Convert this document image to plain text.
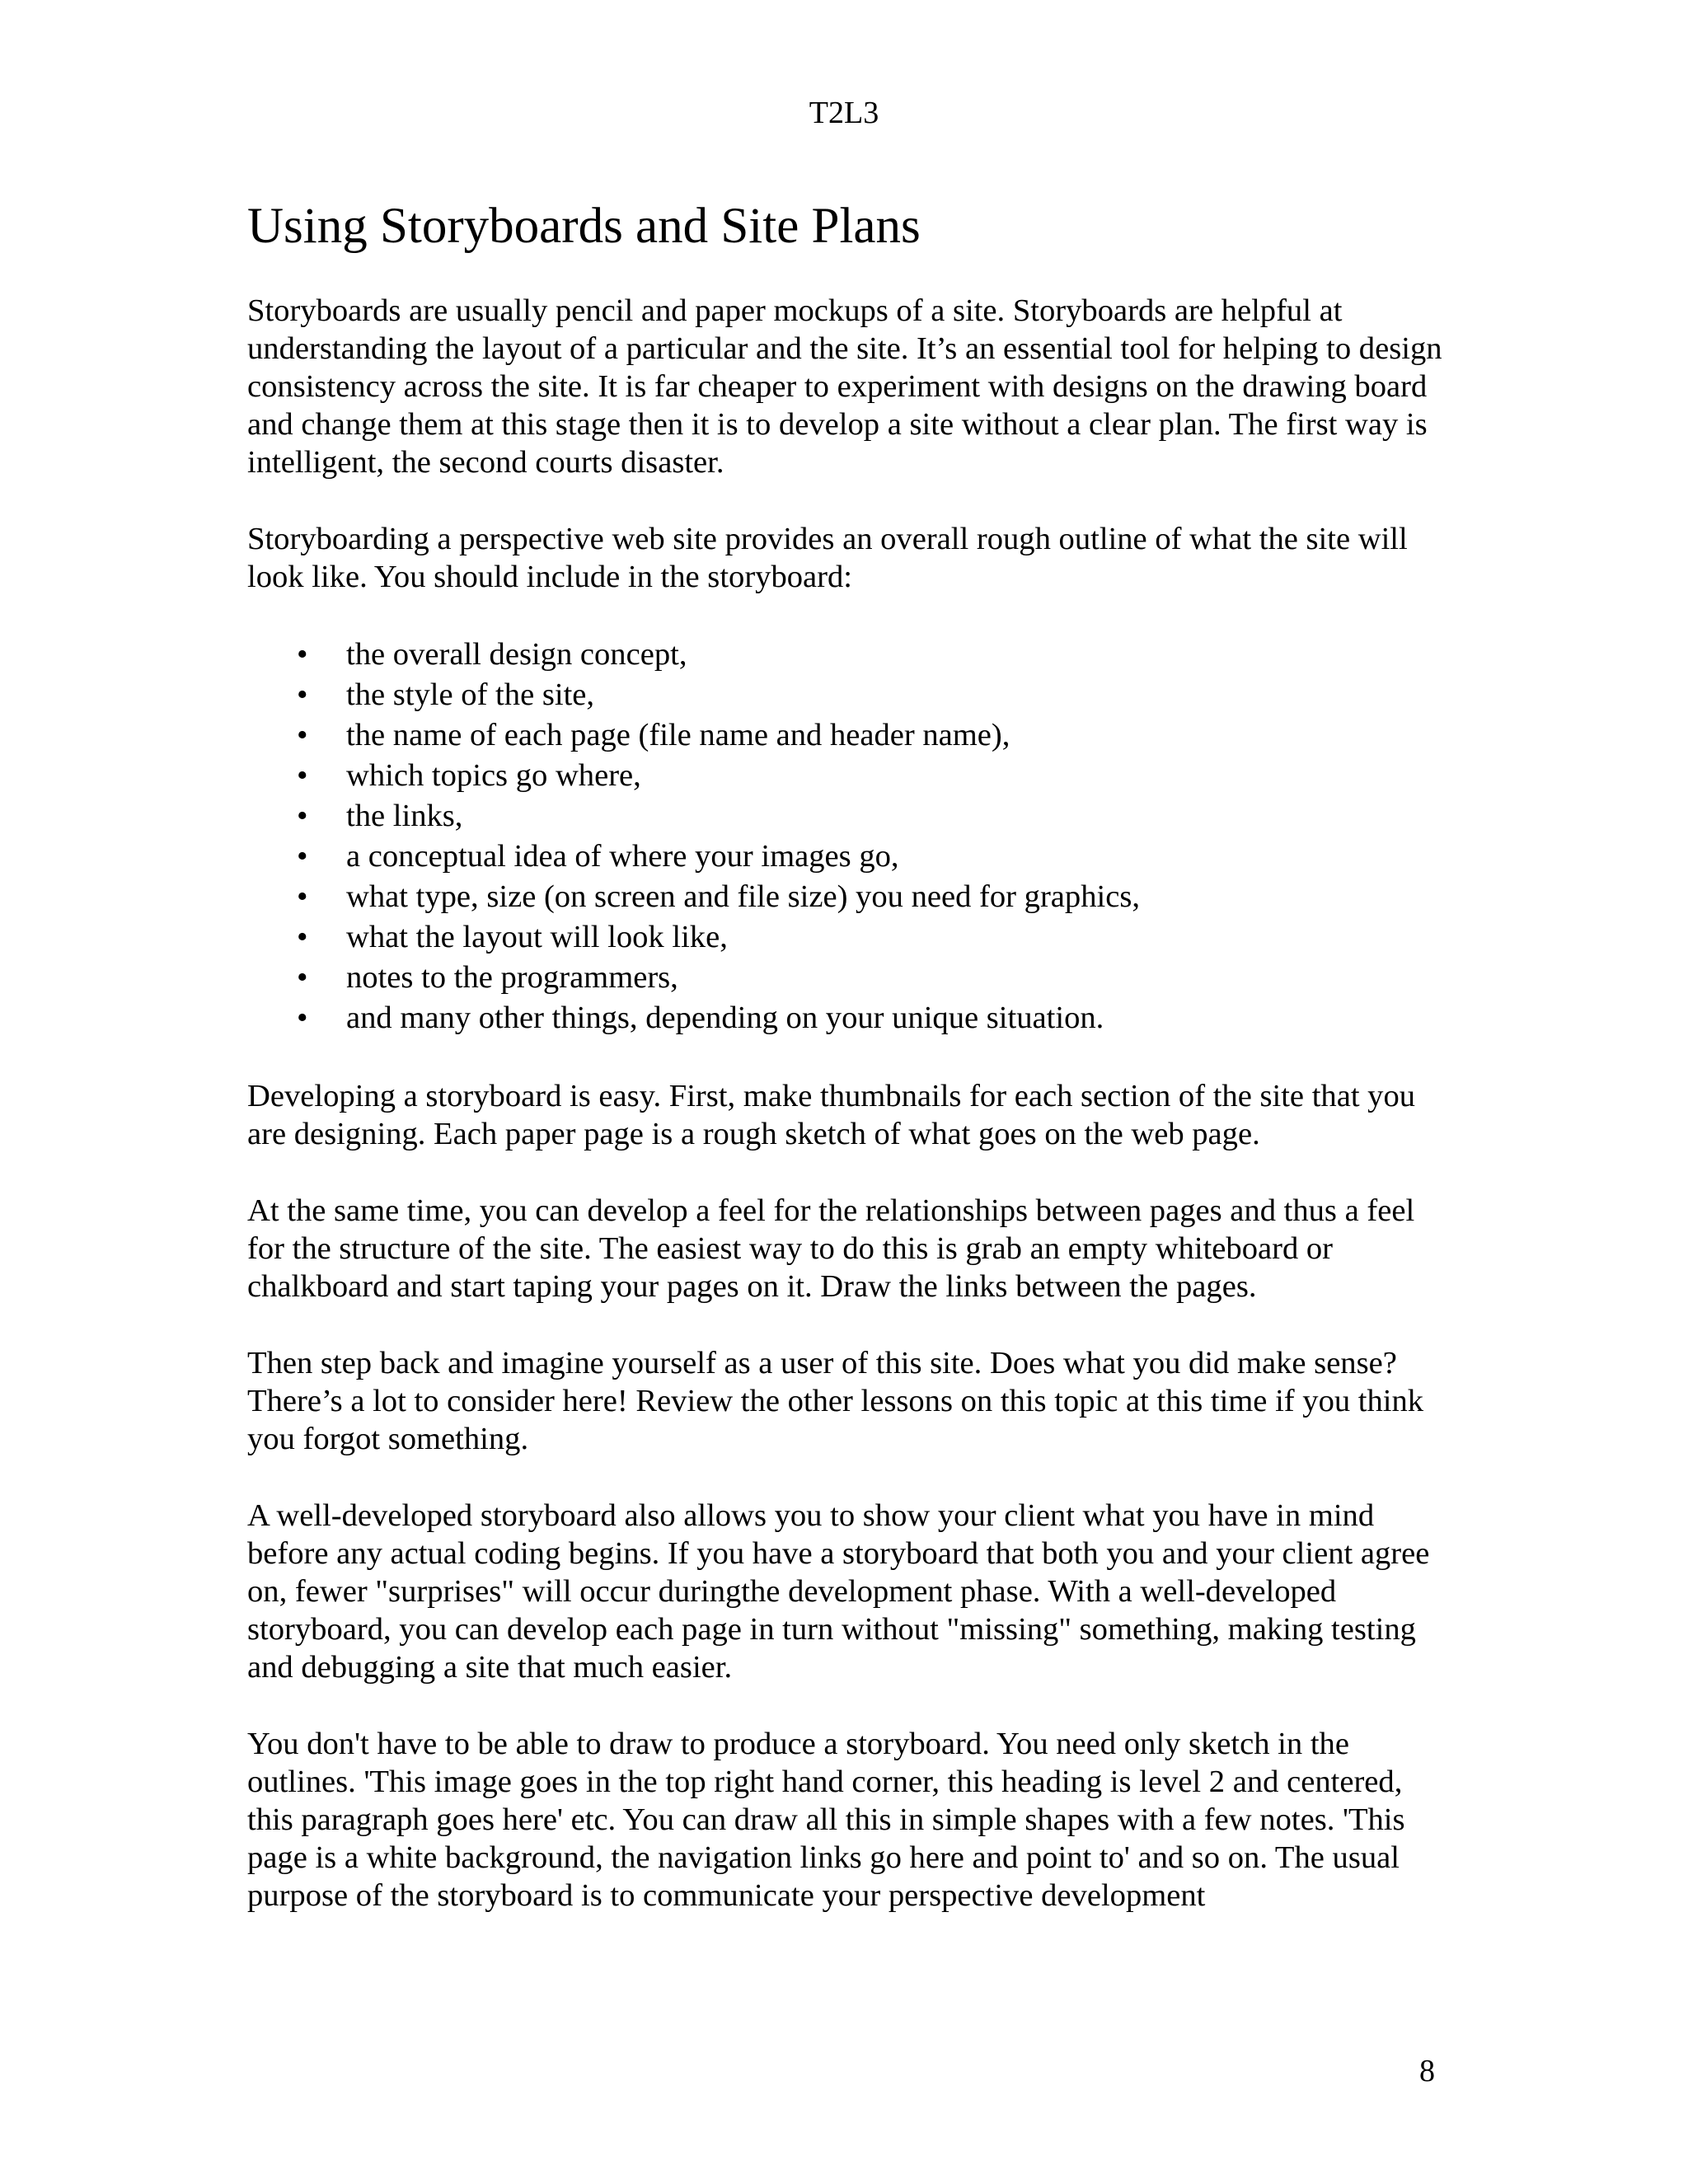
T2L3
Using Storyboards and Site Plans

Storyboards are usually pencil and paper mockups of a site. Storyboards are helpful at understanding the layout of a particular and the site. It’s an essential tool for helping to design consistency across the site. It is far cheaper to experiment with designs on the drawing board and change them at this stage then it is to develop a site without a clear plan. The first way is intelligent, the second courts disaster.

Storyboarding a perspective web site provides an overall rough outline of what the site will look like. You should include in the storyboard:

• the overall design concept,
• the style of the site,
• the name of each page (file name and header name),
• which topics go where,
• the links,
• a conceptual idea of where your images go,
• what type, size (on screen and file size) you need for graphics,
• what the layout will look like,
• notes to the programmers,
• and many other things, depending on your unique situation.

Developing a storyboard is easy. First, make thumbnails for each section of the site that you are designing. Each paper page is a rough sketch of what goes on the web page.

At the same time, you can develop a feel for the relationships between pages and thus a feel for the structure of the site. The easiest way to do this is grab an empty whiteboard or chalkboard and start taping your pages on it. Draw the links between the pages.

Then step back and imagine yourself as a user of this site. Does what you did make sense? There’s a lot to consider here! Review the other lessons on this topic at this time if you think you forgot something.

A well-developed storyboard also allows you to show your client what you have in mind before any actual coding begins. If you have a storyboard that both you and your client agree on, fewer "surprises" will occur duringthe development phase. With a well-developed storyboard, you can develop each page in turn without "missing" something, making testing and debugging a site that much easier.

You don't have to be able to draw to produce a storyboard. You need only sketch in the outlines. 'This image goes in the top right hand corner, this heading is level 2 and centered, this paragraph goes here' etc. You can draw all this in simple shapes with a few notes. 'This page is a white background, the navigation links go here and point to' and so on. The usual purpose of the storyboard is to communicate your perspective development

8
